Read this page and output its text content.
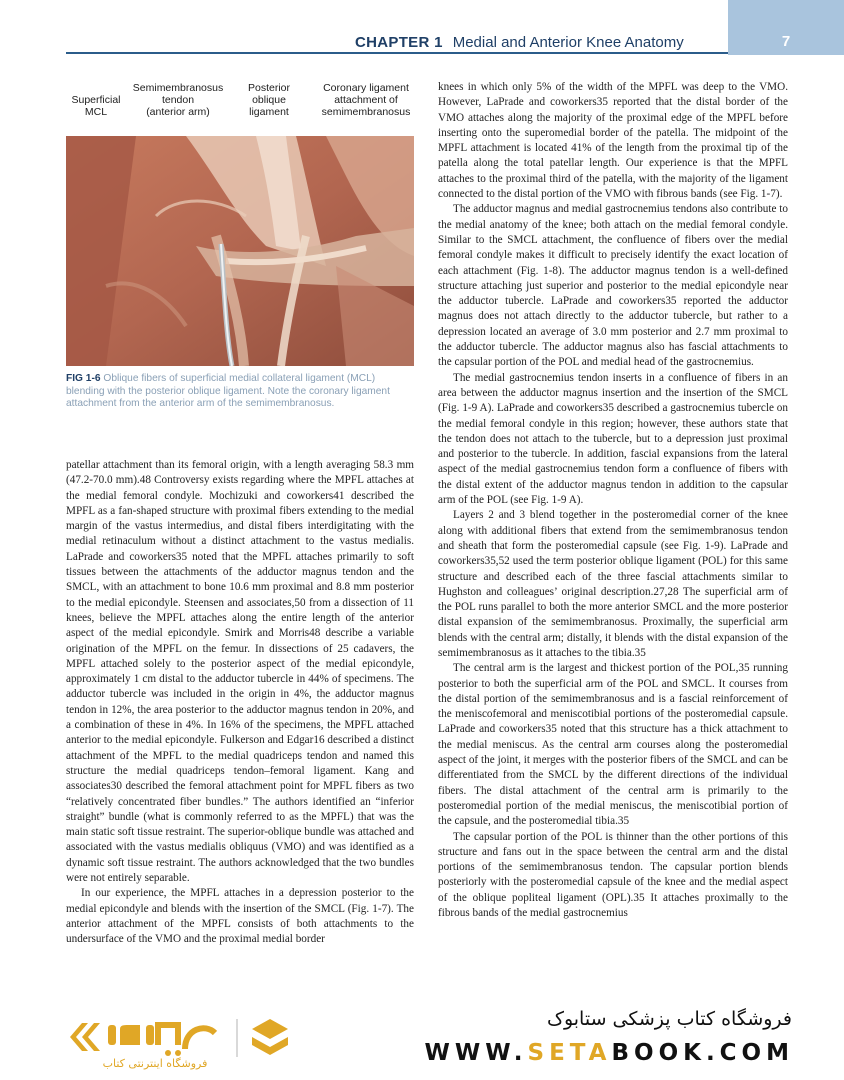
CHAPTER 1 Medial and Anterior Knee Anatomy	7
Superficial
MCL
Semimembranosus
tendon
(anterior arm)
Posterior
oblique
ligament
Coronary ligament
attachment of
semimembranosus
FIG 1-6 Oblique fibers of superficial medial collateral ligament (MCL) blending with the posterior oblique ligament. Note the coronary ligament attachment from the anterior arm of the semimembranosus.

patellar attachment than its femoral origin, with a length averaging 58.3 mm (47.2-70.0 mm).48 Controversy exists regarding where the MPFL attaches at the medial femoral condyle. Mochizuki and coworkers41 described the MPFL as a fan-shaped structure with proximal fibers extending to the medial margin of the vastus intermedius, and distal fibers interdigitating with the medial retinaculum without a distinct attachment to the vastus medialis. LaPrade and coworkers35 noted that the MPFL attaches primarily to soft tissues between the attachments of the adductor magnus tendon and the SMCL, with an attachment to bone 10.6 mm proximal and 8.8 mm posterior to the medial epicondyle. Steensen and associates,50 from a dissection of 11 knees, believe the MPFL attaches along the entire length of the anterior aspect of the medial epicondyle. Smirk and Morris48 describe a variable origination of the MPFL on the femur. In dissections of 25 cadavers, the MPFL attached solely to the posterior aspect of the medial epicondyle, approximately 1 cm distal to the adductor tubercle in 44% of specimens. The adductor tubercle was included in the origin in 4%, the adductor magnus tendon in 12%, the area posterior to the adductor magnus tendon in 20%, and a combination of these in 4%. In 16% of the specimens, the MPFL attached anterior to the medial epicondyle. Fulkerson and Edgar16 described a distinct attachment of the MPFL to the medial quadriceps tendon and named this structure the medial quadriceps tendon–femoral ligament. Kang and associates30 described the femoral attachment point for MPFL fibers as two “relatively concentrated fiber bundles.” The authors identified an “inferior straight” bundle (what is commonly referred to as the MPFL) that was the main static soft tissue restraint. The superior-oblique bundle was attached and associated with the vastus medialis obliquus (VMO) and was identified as a dynamic soft tissue restraint. The authors acknowledged that the two bundles were not entirely separable.

In our experience, the MPFL attaches in a depression posterior to the medial epicondyle and blends with the insertion of the SMCL (Fig. 1-7). The anterior attachment of the MPFL consists of both attachments to the undersurface of the VMO and the proximal medial border

knees in which only 5% of the width of the MPFL was deep to the VMO. However, LaPrade and coworkers35 reported that the distal border of the VMO attaches along the majority of the proximal edge of the MPFL before inserting onto the superomedial border of the patella. The midpoint of the MPFL attachment is located 41% of the length from the proximal tip of the patella along the total patellar length. Our experience is that the MPFL attaches to the proximal third of the patella, with the majority of the ligament connected to the distal portion of the VMO with fibrous bands (see Fig. 1-7).

The adductor magnus and medial gastrocnemius tendons also contribute to the medial anatomy of the knee; both attach on the medial femoral condyle. Similar to the SMCL attachment, the confluence of fibers over the medial femoral condyle makes it difficult to precisely identify the exact location of each attachment (Fig. 1-8). The adductor magnus tendon is a well-defined structure attaching just superior and posterior to the medial epicondyle near the adductor tubercle. LaPrade and coworkers35 reported the adductor magnus does not attach directly to the adductor tubercle, but rather to a depression located an average of 3.0 mm posterior and 2.7 mm proximal to the adductor tubercle. The adductor magnus also has fascial attachments to the capsular portion of the POL and medial head of the gastrocnemius.

The medial gastrocnemius tendon inserts in a confluence of fibers in an area between the adductor magnus insertion and the insertion of the SMCL (Fig. 1-9 A). LaPrade and coworkers35 described a gastrocnemius tubercle on the medial femoral condyle in this region; however, these authors state that the tendon does not attach to the tubercle, but to a depression just proximal and posterior to the tubercle. In addition, fascial expansions from the lateral aspect of the medial gastrocnemius tendon form a confluence of fibers with the distal extent of the adductor magnus tendon in addition to the capsular arm of the POL (see Fig. 1-9 A).

Layers 2 and 3 blend together in the posteromedial corner of the knee along with additional fibers that extend from the semimembranosus tendon and sheath that form the posteromedial capsule (see Fig. 1-9). LaPrade and coworkers35,52 used the term posterior oblique ligament (POL) for this same structure and described each of the three fascial attachments similar to Hughston and colleagues’ original description.27,28 The superficial arm of the POL runs parallel to both the more anterior SMCL and the more posterior distal expansion of the semimembranosus. Proximally, the superficial arm blends with the central arm; distally, it blends with the distal expansion of the semimembranosus as it attaches to the tibia.35

The central arm is the largest and thickest portion of the POL,35 running posterior to both the superficial arm of the POL and SMCL. It courses from the distal portion of the semimembranosus and is a fascial reinforcement of the meniscofemoral and meniscotibial portions of the posteromedial capsule. LaPrade and coworkers35 noted that this structure has a thick attachment to the medial meniscus. As the central arm courses along the posteromedial aspect of the joint, it merges with the posterior fibers of the SMCL and can be differentiated from the SMCL by the different directions of the individual fibers. The distal attachment of the central arm is primarily to the posteromedial portion of the medial meniscus, the meniscotibial portion of the capsule, and the posteromedial tibia.35

The capsular portion of the POL is thinner than the other portions of this structure and fans out in the space between the central arm and the distal portions of the semimembranosus tendon. The capsular portion blends posteriorly with the posteromedial capsule of the knee and the medial aspect of the oblique popliteal ligament (OPL).35 It attaches proximally to the fibrous bands of the medial gastrocnemius

فروشگاه اینترنتی کتاب
فروشگاه کتاب پزشکی ستابوک
WWW.SETABOOK.COM
